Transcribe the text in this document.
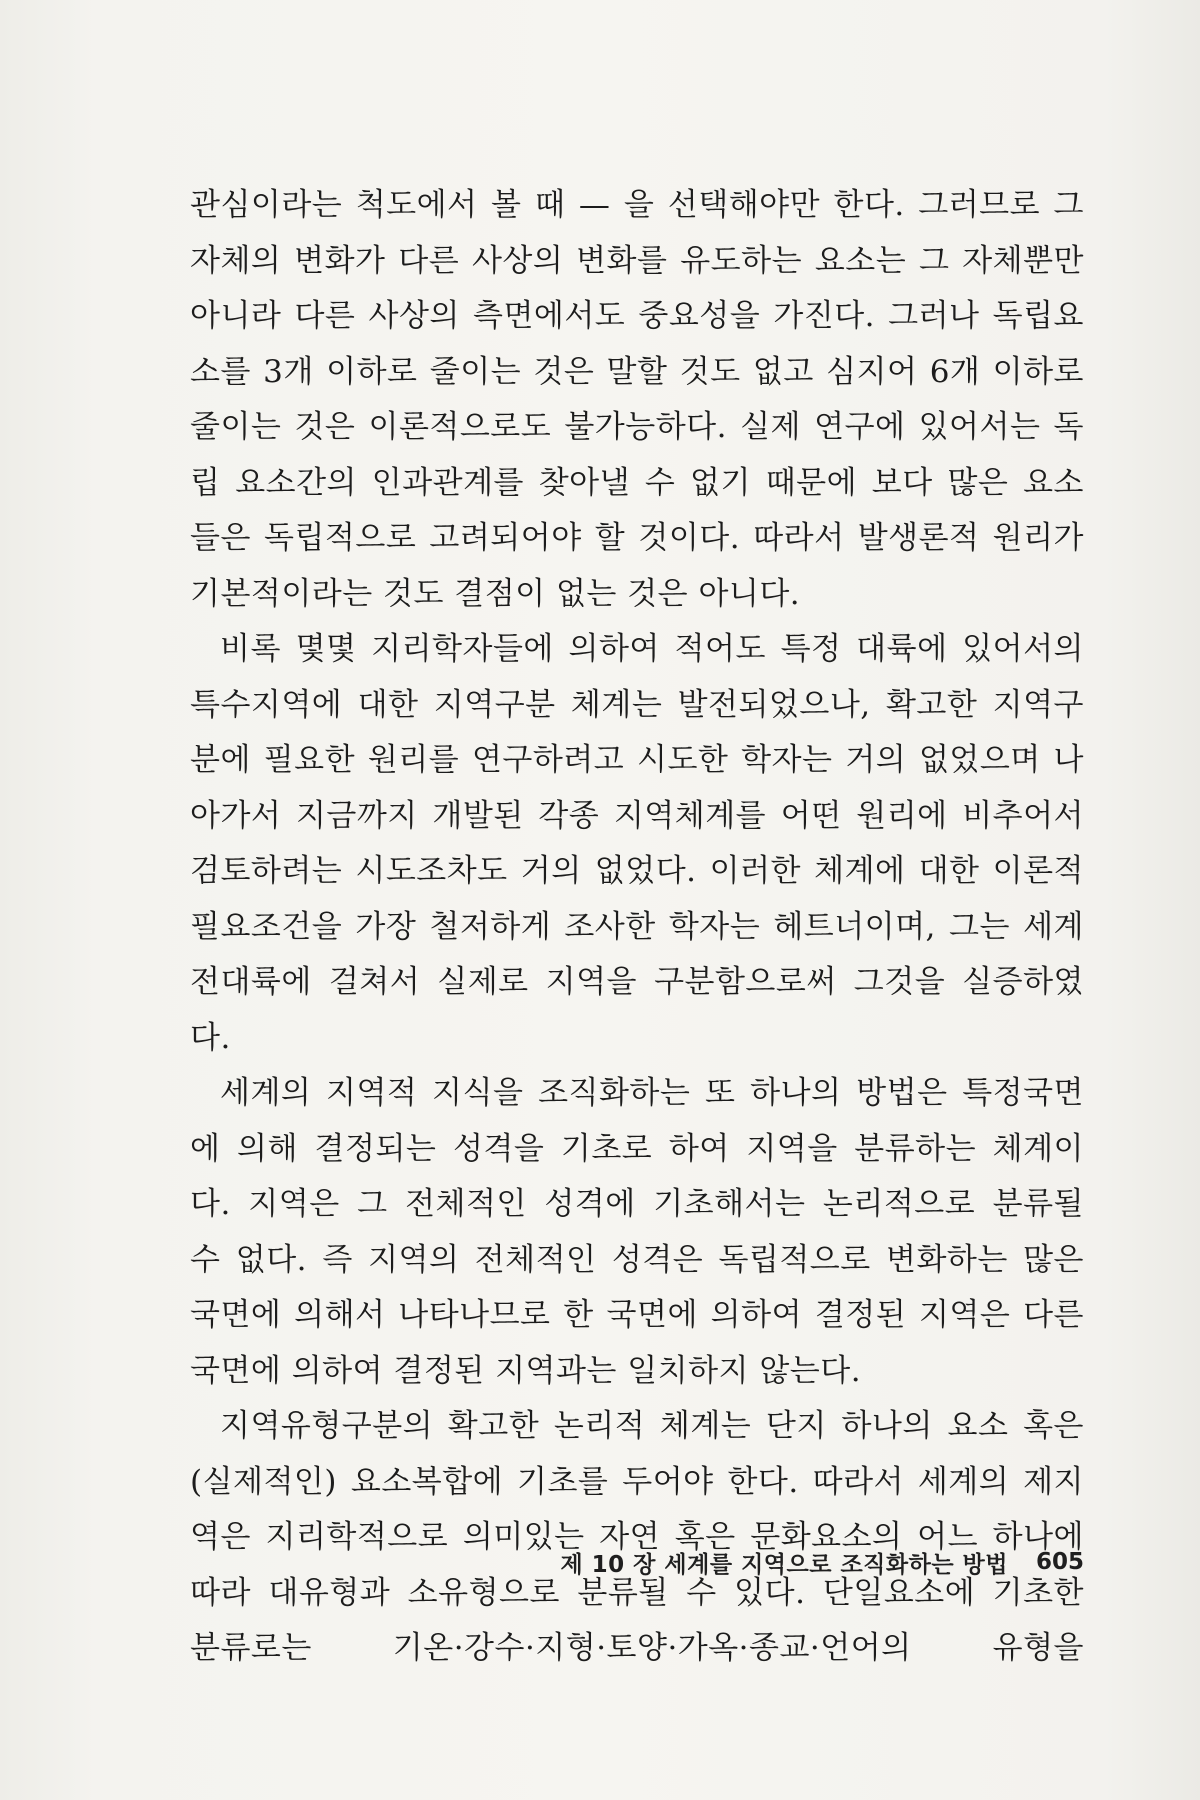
관심이라는 척도에서 볼 때 — 을 선택해야만 한다. 그러므로 그
자체의 변화가 다른 사상의 변화를 유도하는 요소는 그 자체뿐만
아니라 다른 사상의 측면에서도 중요성을 가진다. 그러나 독립요
소를 3개 이하로 줄이는 것은 말할 것도 없고 심지어 6개 이하로
줄이는 것은 이론적으로도 불가능하다. 실제 연구에 있어서는 독
립 요소간의 인과관계를 찾아낼 수 없기 때문에 보다 많은 요소
들은 독립적으로 고려되어야 할 것이다. 따라서 발생론적 원리가
기본적이라는 것도 결점이 없는 것은 아니다.
비록 몇몇 지리학자들에 의하여 적어도 특정 대륙에 있어서의
특수지역에 대한 지역구분 체계는 발전되었으나, 확고한 지역구
분에 필요한 원리를 연구하려고 시도한 학자는 거의 없었으며 나
아가서 지금까지 개발된 각종 지역체계를 어떤 원리에 비추어서
검토하려는 시도조차도 거의 없었다. 이러한 체계에 대한 이론적
필요조건을 가장 철저하게 조사한 학자는 헤트너이며, 그는 세계
전대륙에 걸쳐서 실제로 지역을 구분함으로써 그것을 실증하였
다.
세계의 지역적 지식을 조직화하는 또 하나의 방법은 특정국면
에 의해 결정되는 성격을 기초로 하여 지역을 분류하는 체계이
다. 지역은 그 전체적인 성격에 기초해서는 논리적으로 분류될
수 없다. 즉 지역의 전체적인 성격은 독립적으로 변화하는 많은
국면에 의해서 나타나므로 한 국면에 의하여 결정된 지역은 다른
국면에 의하여 결정된 지역과는 일치하지 않는다.
지역유형구분의 확고한 논리적 체계는 단지 하나의 요소 혹은
(실제적인) 요소복합에 기초를 두어야 한다. 따라서 세계의 제지
역은 지리학적으로 의미있는 자연 혹은 문화요소의 어느 하나에
따라 대유형과 소유형으로 분류될 수 있다. 단일요소에 기초한
분류로는 기온·강수·지형·토양·가옥·종교·언어의 유형을
제 10 장 세계를 지역으로 조직화하는 방법 605
